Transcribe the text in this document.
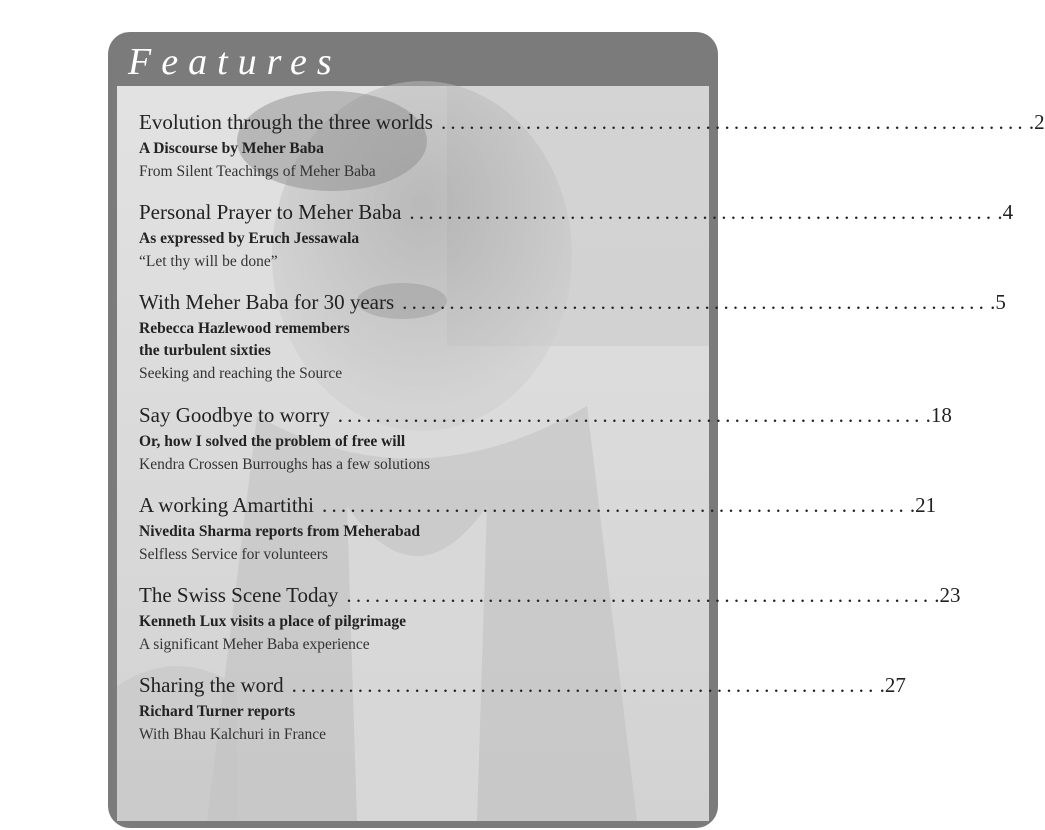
Features
Evolution through the three worlds .............................................................. .2
A Discourse by Meher Baba
From Silent Teachings of Meher Baba
Personal Prayer to Meher Baba .............................................................. .4
As expressed by Eruch Jessawala
“Let thy will be done”
With Meher Baba for 30 years .............................................................. .5
Rebecca Hazlewood remembers
the turbulent sixties
Seeking and reaching the Source
Say Goodbye to worry .............................................................. .18
Or, how I solved the problem of free will
Kendra Crossen Burroughs has a few solutions
A working Amartithi .............................................................. .21
Nivedita Sharma reports from Meherabad
Selfless Service for volunteers
The Swiss Scene Today .............................................................. .23
Kenneth Lux visits a place of pilgrimage
A significant Meher Baba experience
Sharing the word .............................................................. .27
Richard Turner reports
With Bhau Kalchuri in France
